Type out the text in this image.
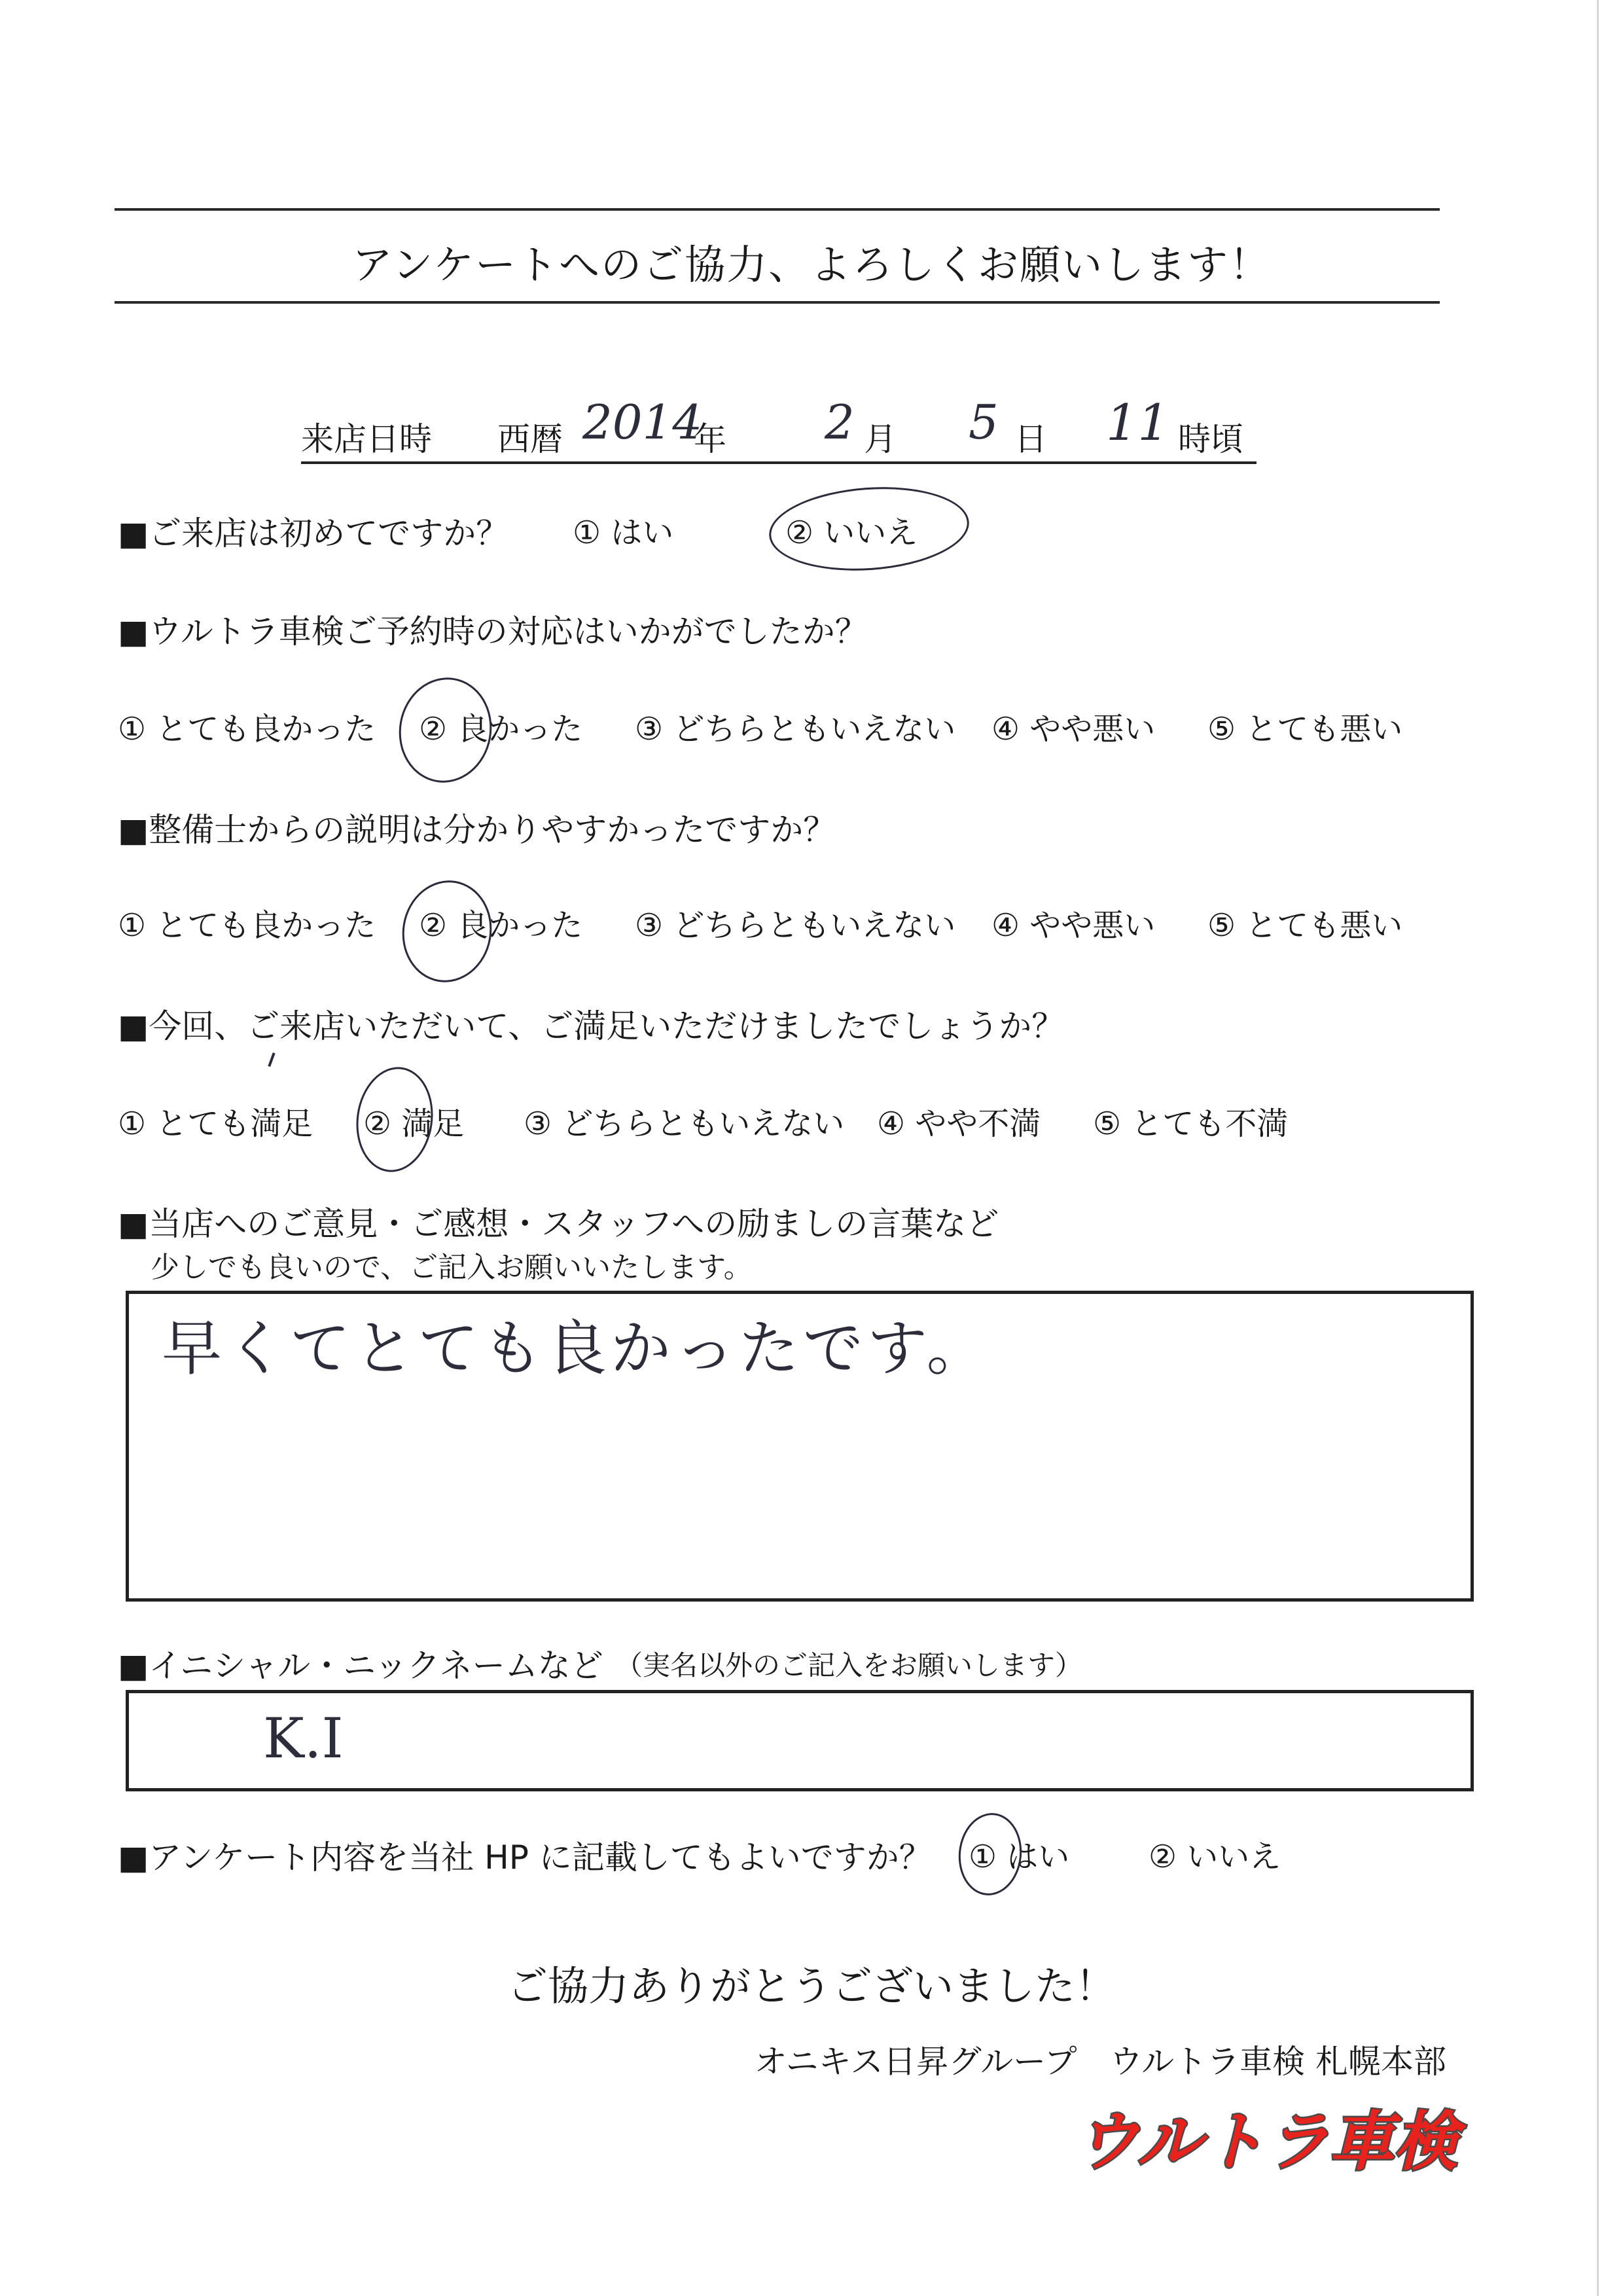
アンケートへのご協力、よろしくお願いします！
来店日時 西暦 2014
年 2 月 5 日 11 時頃
■ご来店は初めてですか？ ① はい	② いいえ
■ウルトラ車検ご予約時の対応はいかがでしたか？
① とても良かった ② 良かった ③ どちらともいえない ④ やや悪い ⑤ とても悪い
■整備士からの説明は分かりやすかったですか？
① とても良かった ② 良かった ③ どちらともいえない ④ やや悪い ⑤ とても悪い
■今回、ご来店いただいて、ご満足いただけましたでしょうか？
① とても満足 ② 満足 ③ どちらともいえない ④ やや不満 ⑤ とても不満
■当店へのご意見・ご感想・スタッフへの励ましの言葉など
少しでも良いので、ご記入お願いいたします。
早くてとても良かったです。
■イニシャル・ニックネームなど （実名以外のご記入をお願いします）
K.I
■アンケート内容を当社 HP に記載してもよいですか？ ① はい	② いいえ
ご協力ありがとうございました！
オニキス日昇グループ　ウルトラ車検 札幌本部
ウルトラ車検
